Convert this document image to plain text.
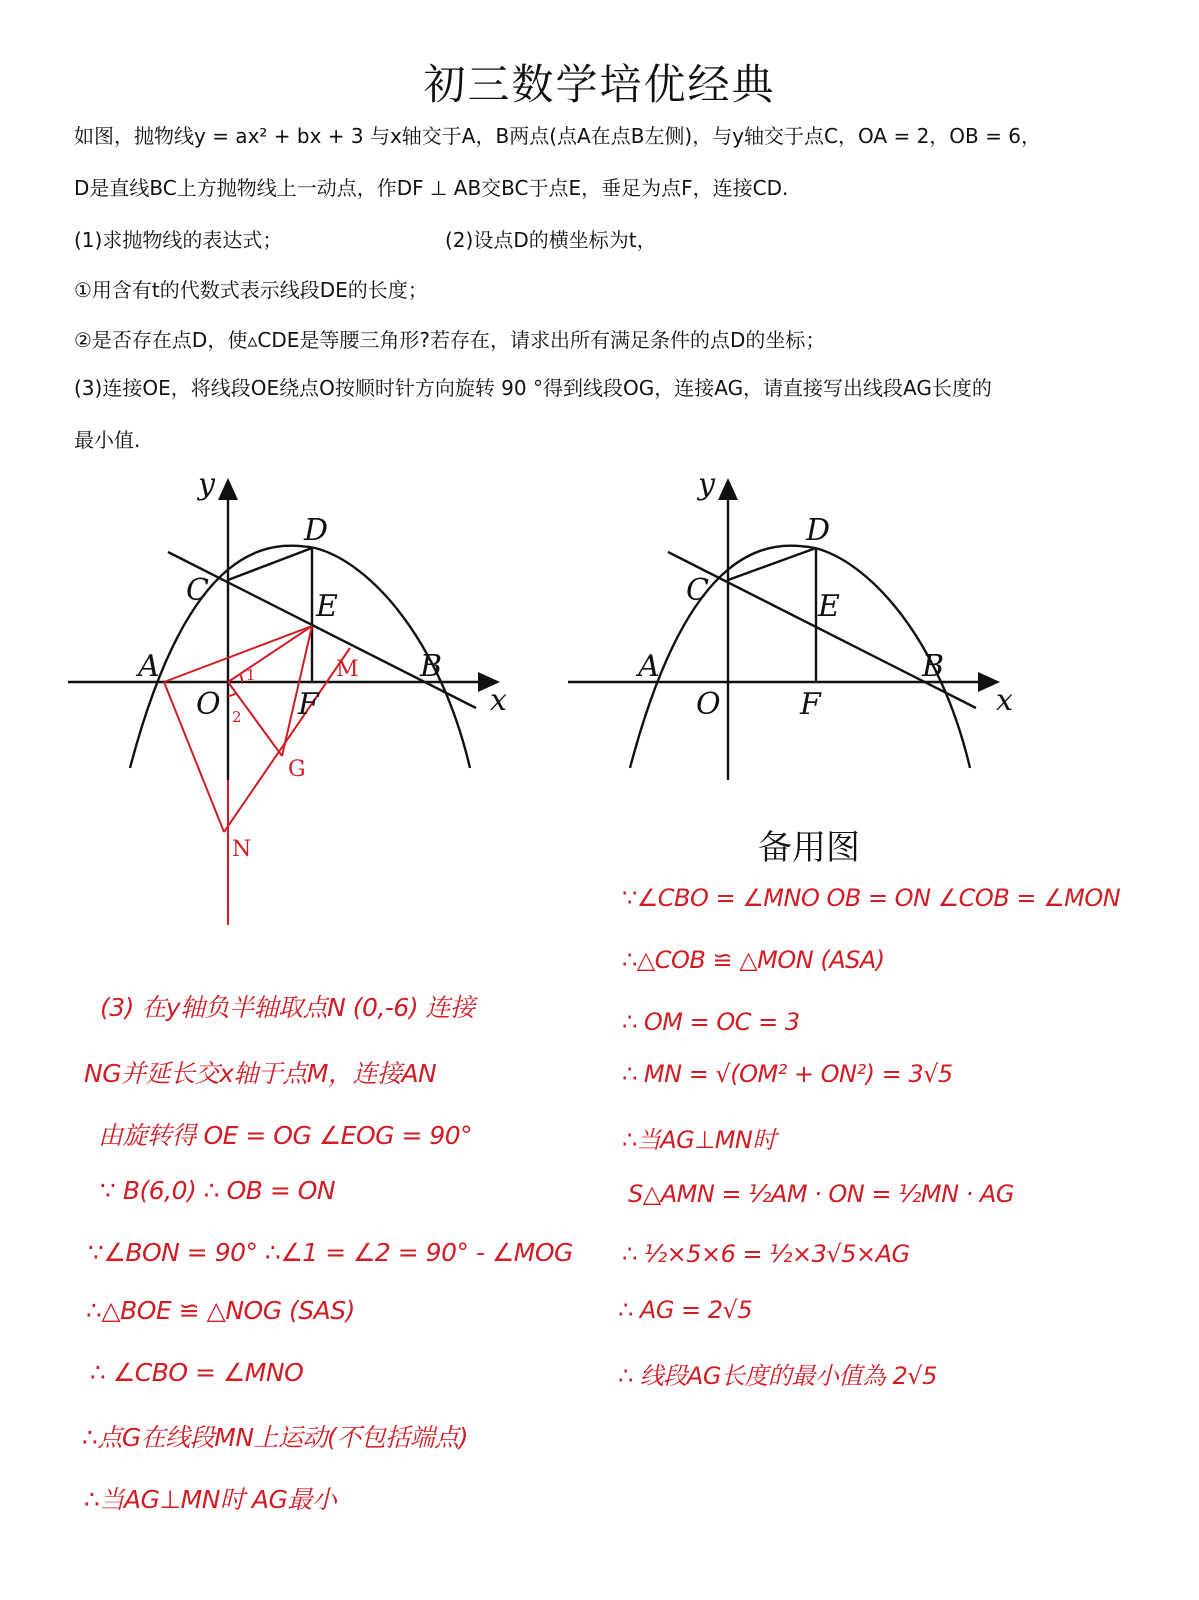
初三数学培优经典
如图，抛物线y = ax² + bx + 3 与x轴交于A，B两点(点A在点B左侧)，与y轴交于点C，OA = 2，OB = 6，
D是直线BC上方抛物线上一动点，作DF ⊥ AB交BC于点E，垂足为点F，连接CD.
(1)求抛物线的表达式；	(2)设点D的横坐标为t，
①用含有t的代数式表示线段DE的长度；
②是否存在点D，使▵CDE是等腰三角形?若存在，请求出所有满足条件的点D的坐标；
(3)连接OE，将线段OE绕点O按顺时针方向旋转 90 °得到线段OG，连接AG，请直接写出线段AG长度的
最小值.
y
x
O
A	B
C
D
E
F
G
M
N
1
2
y
x
O
A	B
C
D
E
F
备用图
(3) 在y轴负半轴取点N (0,-6) 连接
NG并延长交x轴于点M，连接AN
由旋转得 OE = OG ∠EOG = 90°
∵ B(6,0) ∴ OB = ON
∵∠BON = 90° ∴∠1 = ∠2 = 90° - ∠MOG
∴△BOE ≌ △NOG (SAS)
∴ ∠CBO = ∠MNO
∴点G在线段MN上运动(不包括端点)
∴当AG⊥MN时 AG最小
∵∠CBO = ∠MNO OB = ON ∠COB = ∠MON
∴△COB ≌ △MON (ASA)
∴ OM = OC = 3
∴ MN = √(OM² + ON²) = 3√5
∴当AG⊥MN时
S△AMN = ½AM · ON = ½MN · AG
∴ ½×5×6 = ½×3√5×AG
∴ AG = 2√5
∴ 线段AG长度的最小值為 2√5
